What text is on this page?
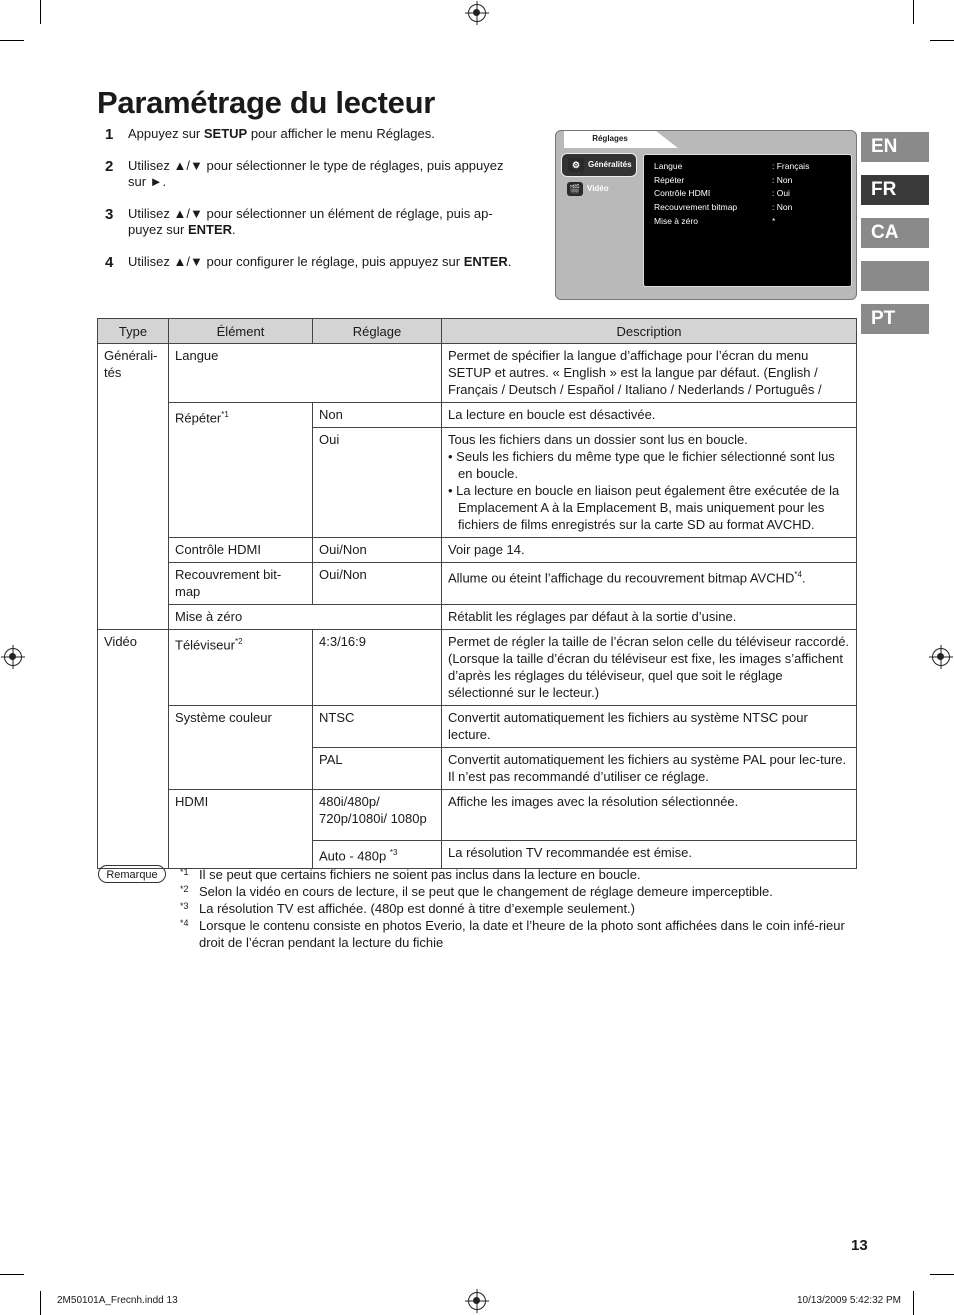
Paramétrage du lecteur
1 Appuyez sur SETUP pour afficher le menu Réglages.
2 Utilisez ▲/▼ pour sélectionner le type de réglages, puis appuyez sur ►.
3 Utilisez ▲/▼ pour sélectionner un élément de réglage, puis ap-puyez sur ENTER.
4 Utilisez ▲/▼ pour configurer le réglage, puis appuyez sur ENTER.
Réglages
⚙ Généralités
🎬 Vidéo
Langue	: Français
Répéter	: Non
Contrôle HDMI	: Oui
Recouvrement bitmap	: Non
Mise à zéro	*
EN
FR
CA
PT
Type	Élément	Réglage	Description
Générali-tés	Langue		Permet de spécifier la langue d’affichage pour l’écran du menu SETUP et autres. « English » est la langue par défaut. (English / Français / Deutsch / Español / Italiano / Nederlands / Português /
	Répéter$^{*1}$	Non	La lecture en boucle est désactivée.
		Oui	Tous les fichiers dans un dossier sont lus en boucle.
• Seuls les fichiers du même type que le fichier sélectionné sont lus en boucle.
• La lecture en boucle en liaison peut également être exécutée de la Emplacement A à la Emplacement B, mais uniquement pour les fichiers de films enregistrés sur la carte SD au format AVCHD.

	Contrôle HDMI	Oui/Non	Voir page 14.
	Recouvrement bit-map	Oui/Non	Allume ou éteint l’affichage du recouvrement bitmap AVCHD$^{*4}$.
	Mise à zéro		Rétablit les réglages par défaut à la sortie d’usine.
Vidéo	Téléviseur$^{*2}$	4:3/16:9	Permet de régler la taille de l’écran selon celle du téléviseur raccordé. (Lorsque la taille d’écran du téléviseur est fixe, les images s’affichent d’après les réglages du téléviseur, quel que soit le réglage sélectionné sur le lecteur.)
	Système couleur	NTSC	Convertit automatiquement les fichiers au système NTSC pour lecture.
		PAL	Convertit automatiquement les fichiers au système PAL pour lec-ture. Il n’est pas recommandé d’utiliser ce réglage.
	HDMI	480i/480p/ 720p/1080i/ 1080p	Affiche les images avec la résolution sélectionnée.
		Auto - 480p $^{*3}$	La résolution TV recommandée est émise.
Remarque	*1 Il se peut que certains fichiers ne soient pas inclus dans la lecture en boucle.
*2 Selon la vidéo en cours de lecture, il se peut que le changement de réglage demeure imperceptible.
*3 La résolution TV est affichée. (480p est donné à titre d’exemple seulement.)
*4 Lorsque le contenu consiste en photos Everio, la date et l’heure de la photo sont affichées dans le coin infé-rieur droit de l’écran pendant la lecture du fichie
13
2M50101A_Frecnh.indd 13	10/13/2009 5:42:32 PM
